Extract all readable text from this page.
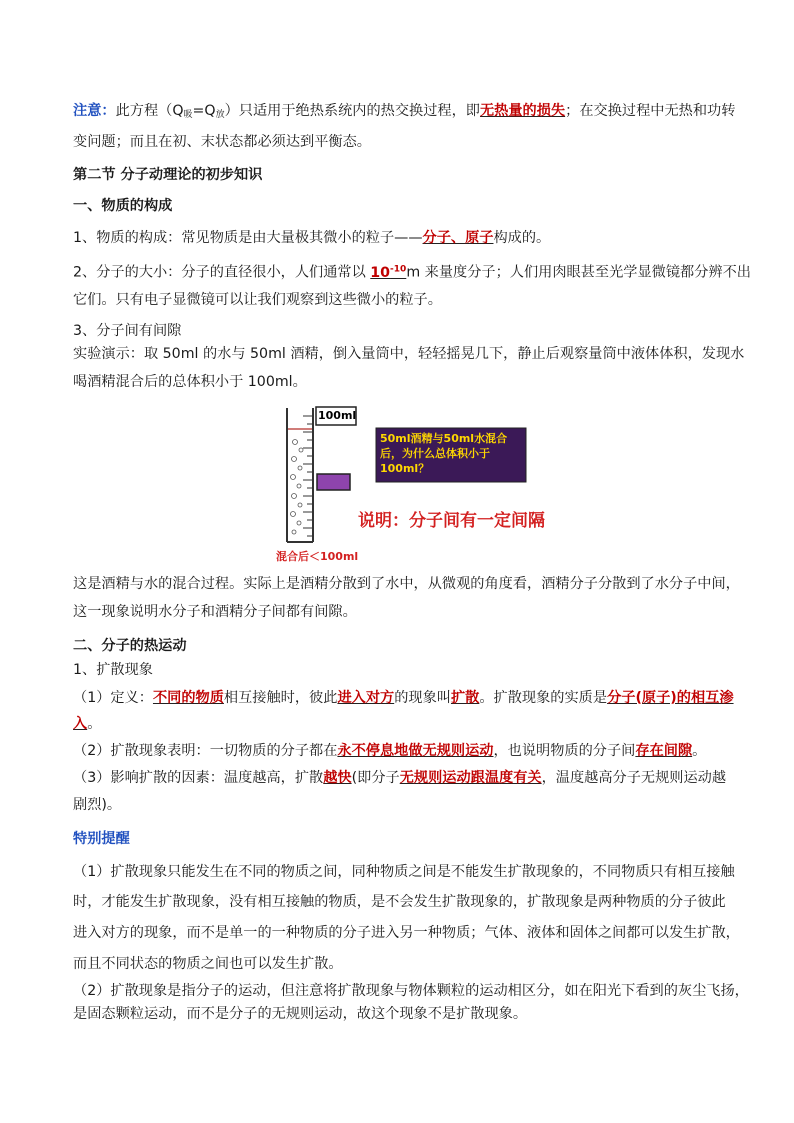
注意：此方程$(Q_吸=Q_放)$只适用于绝热系统内的热交换过程，即无热量的损失；在交换过程中无热和功转
变问题；而且在初、末状态都必须达到平衡态。
第二节 分子动理论的初步知识
一、物质的构成
1、物质的构成：常见物质是由大量极其微小的粒子——分子、原子构成的。
2、分子的大小：分子的直径很小，人们通常以 $10^{-10}m$ 来量度分子；人们用肉眼甚至光学显微镜都分辨不出
它们。只有电子显微镜可以让我们观察到这些微小的粒子。
3、分子间有间隙
实验演示：取 50ml 的水与 50ml 酒精，倒入量筒中，轻轻摇晃几下，静止后观察量筒中液体体积，发现水
喝酒精混合后的总体积小于 100ml。
这是酒精与水的混合过程。实际上是酒精分散到了水中，从微观的角度看，酒精分子分散到了水分子中间，
这一现象说明水分子和酒精分子间都有间隙。
二、分子的热运动
1、扩散现象
（1）定义：不同的物质相互接触时，彼此进入对方的现象叫扩散。扩散现象的实质是分子(原子)的相互渗
入。
（2）扩散现象表明：一切物质的分子都在永不停息地做无规则运动，也说明物质的分子间存在间隙。
（3）影响扩散的因素：温度越高，扩散越快(即分子无规则运动跟温度有关，温度越高分子无规则运动越
剧烈)。
特别提醒
（1）扩散现象只能发生在不同的物质之间，同种物质之间是不能发生扩散现象的，不同物质只有相互接触
时，才能发生扩散现象，没有相互接触的物质，是不会发生扩散现象的，扩散现象是两种物质的分子彼此
进入对方的现象，而不是单一的一种物质的分子进入另一种物质；气体、液体和固体之间都可以发生扩散，
而且不同状态的物质之间也可以发生扩散。
（2）扩散现象是指分子的运动，但注意将扩散现象与物体颗粒的运动相区分，如在阳光下看到的灰尘飞扬，
是固态颗粒运动，而不是分子的无规则运动，故这个现象不是扩散现象。
100ml
50ml酒精与50ml水混合
后，为什么总体积小于
100ml？
说明：分子间有一定间隔
混合后＜100ml
